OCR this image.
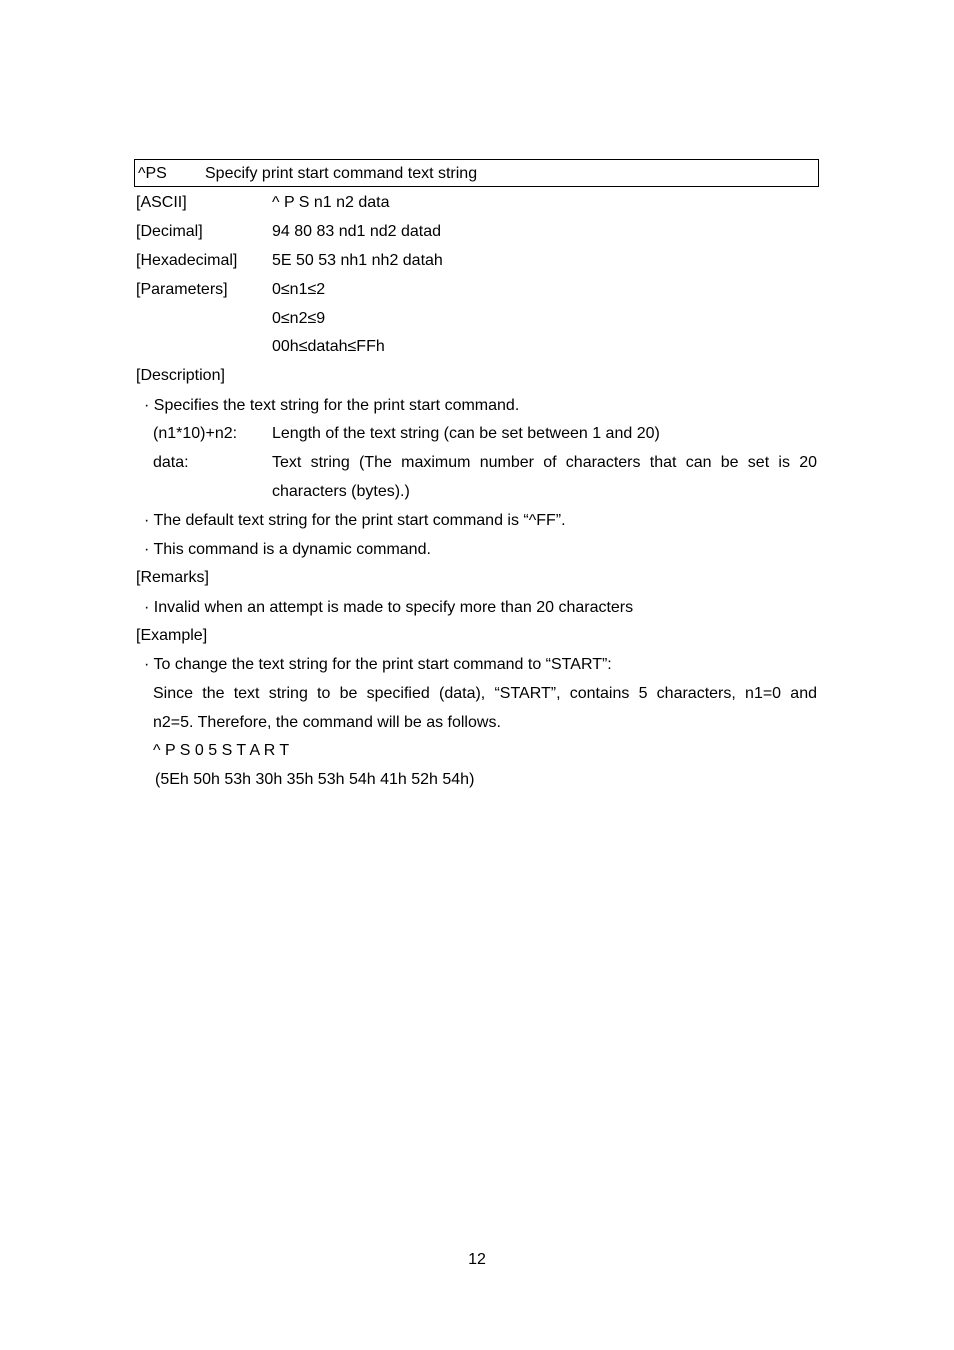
^PS Specify print start command text string
[ASCII]	^ P S n1 n2 data
[Decimal]	94 80 83 nd1 nd2 datad
[Hexadecimal] 5E 50 53 nh1 nh2 datah
[Parameters]	0≤n1≤2
0≤n2≤9
00h≤datah≤FFh
[Description]
· Specifies the text string for the print start command.
(n1*10)+n2: Length of the text string (can be set between 1 and 20)
data:	Text string (The maximum number of characters that can be set is 20
characters (bytes).)
· The default text string for the print start command is “^FF”.
· This command is a dynamic command.
[Remarks]
· Invalid when an attempt is made to specify more than 20 characters
[Example]
· To change the text string for the print start command to “START”:
Since the text string to be specified (data), “START”, contains 5 characters, n1=0 and
n2=5. Therefore, the command will be as follows.
^ P S 0 5 S T A R T
(5Eh 50h 53h 30h 35h 53h 54h 41h 52h 54h)
12
